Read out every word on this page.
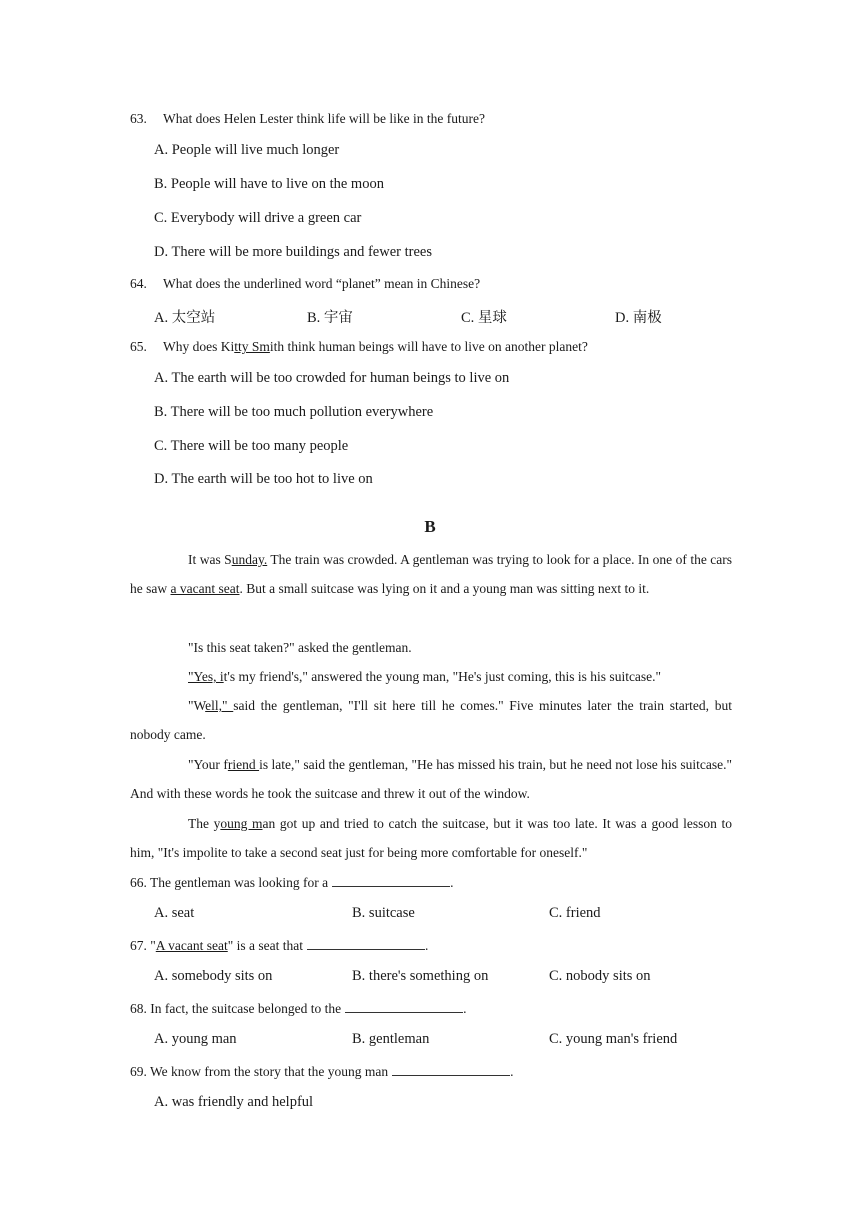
63. What does Helen Lester think life will be like in the future?
A. People will live much longer
B. People will have to live on the moon
C. Everybody will drive a green car
D. There will be more buildings and fewer trees
64. What does the underlined word “planet” mean in Chinese?
A. 太空站	B. 宇宙	C. 星球	D. 南极
65. Why does Kitty Smith think human beings will have to live on another planet?
A. The earth will be too crowded for human beings to live on
B. There will be too much pollution everywhere
C. There will be too many people
D. The earth will be too hot to live on
B
It was Sunday. The train was crowded. A gentleman was trying to look for a place. In one of the cars he saw a vacant seat. But a small suitcase was lying on it and a young man was sitting next to it.
"Is this seat taken?" asked the gentleman.
"Yes, it's my friend's," answered the young man, "He's just coming, this is his suitcase."
"Well," said the gentleman, "I'll sit here till he comes." Five minutes later the train started, but nobody came.
"Your friend is late," said the gentleman, "He has missed his train, but he need not lose his suitcase." And with these words he took the suitcase and threw it out of the window.
The young man got up and tried to catch the suitcase, but it was too late. It was a good lesson to him, "It's impolite to take a second seat just for being more comfortable for oneself."
66. The gentleman was looking for a	.
A. seat	B. suitcase	C. friend
67. "A vacant seat" is a seat that	.
A. somebody sits on	B. there's something on	C. nobody sits on
68. In fact, the suitcase belonged to the	.
A. young man	B. gentleman	C. young man's friend
69. We know from the story that the young man	.
A. was friendly and helpful
